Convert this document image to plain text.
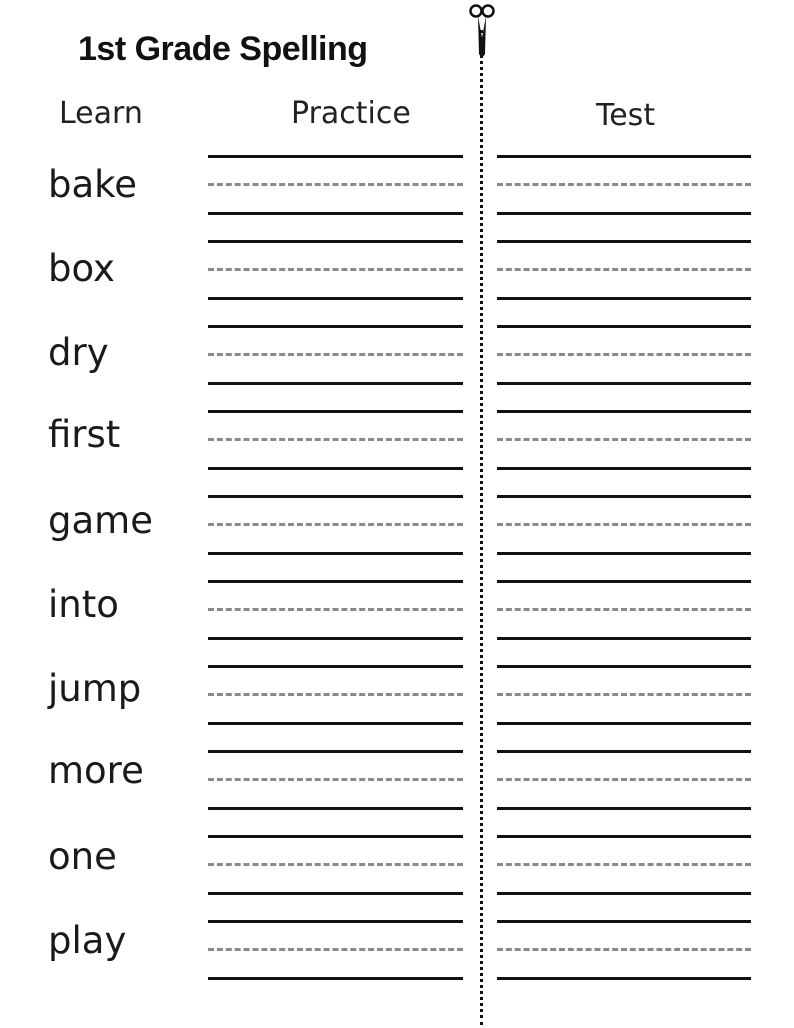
1st Grade Spelling
Learn	Practice	Test
bake
box
dry
first
game
into
jump
more
one
play
